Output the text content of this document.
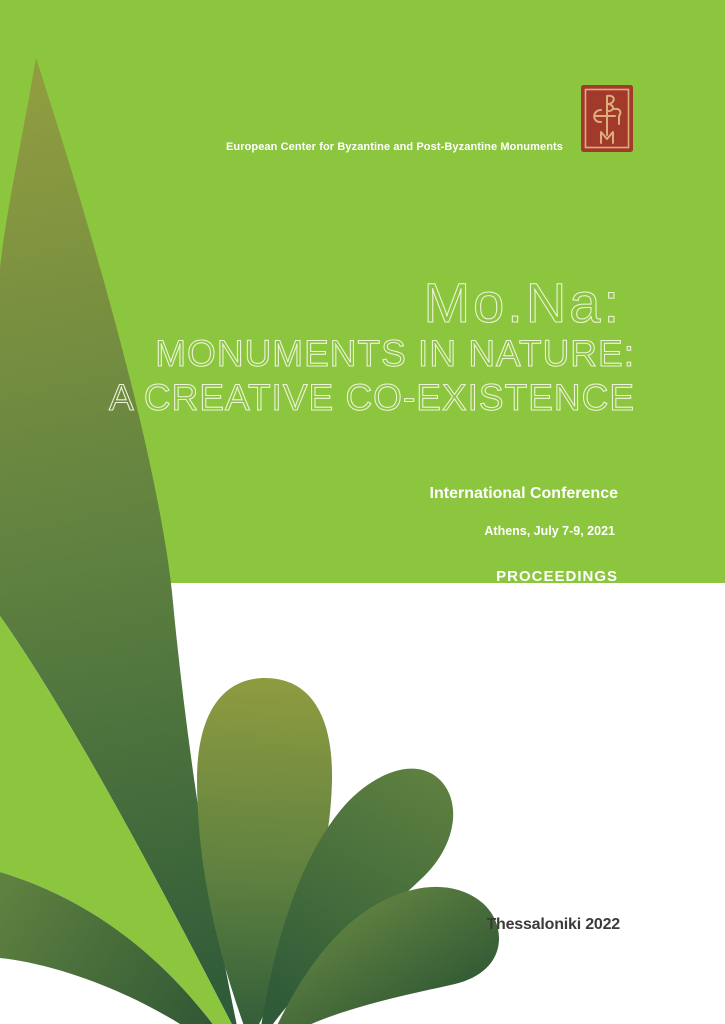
European Center for Byzantine and Post-Byzantine Monuments
Mo.Na:
MONUMENTS IN NATURE:
A CREATIVE CO-EXISTENCE
International Conference
Athens, July 7-9, 2021
PROCEEDINGS
Thessaloniki 2022
